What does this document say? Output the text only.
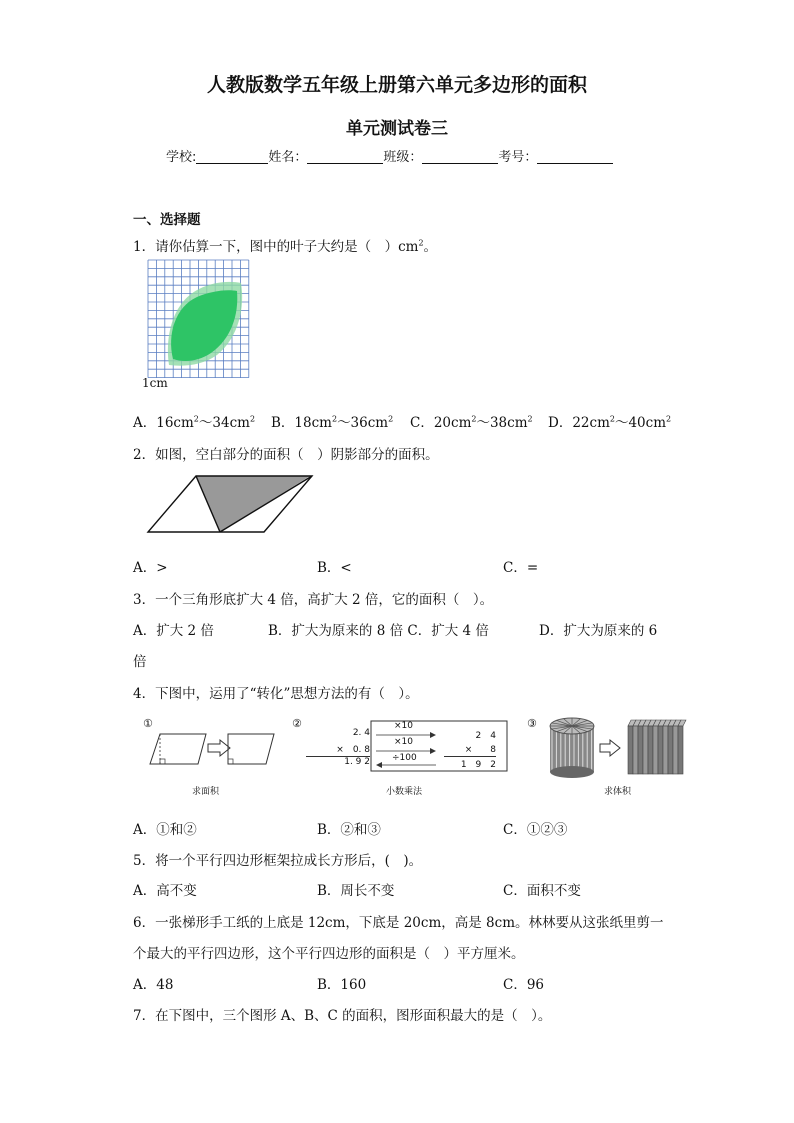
人教版数学五年级上册第六单元多边形的面积
单元测试卷三
学校:	姓名：	班级：	考号：
一、选择题
1．请你估算一下，图中的叶子大约是（　）$cm^2$。
1cm
A．$16cm^2\sim 34cm^2$ B．$18cm^2\sim 36cm^2$ C．$20cm^2\sim 38cm^2$ D．$22cm^2\sim 40cm^2$
2．如图，空白部分的面积（　）阴影部分的面积。
A．>	B．<	C．=
3．一个三角形底扩大 4 倍，高扩大 2 倍，它的面积（　）。
A．扩大 2 倍	B．扩大为原来的 8 倍 C．扩大 4 倍	D．扩大为原来的 6
倍
4．下图中，运用了“转化”思想方法的有（　）。
①
求面积
②
2. 4
×　0. 8
1. 9 2
×10
×10
÷100
2　4
×　　8
1　9　2
小数乘法
③
求体积
A．①和②	B．②和③	C．①②③
5．将一个平行四边形框架拉成长方形后，(　)。
A．高不变	B．周长不变	C．面积不变
6．一张梯形手工纸的上底是 12cm，下底是 20cm，高是 8cm。林林要从这张纸里剪一
个最大的平行四边形，这个平行四边形的面积是（　）平方厘米。
A．48	B．160	C．96
7．在下图中，三个图形 A、B、C 的面积，图形面积最大的是（　）。
